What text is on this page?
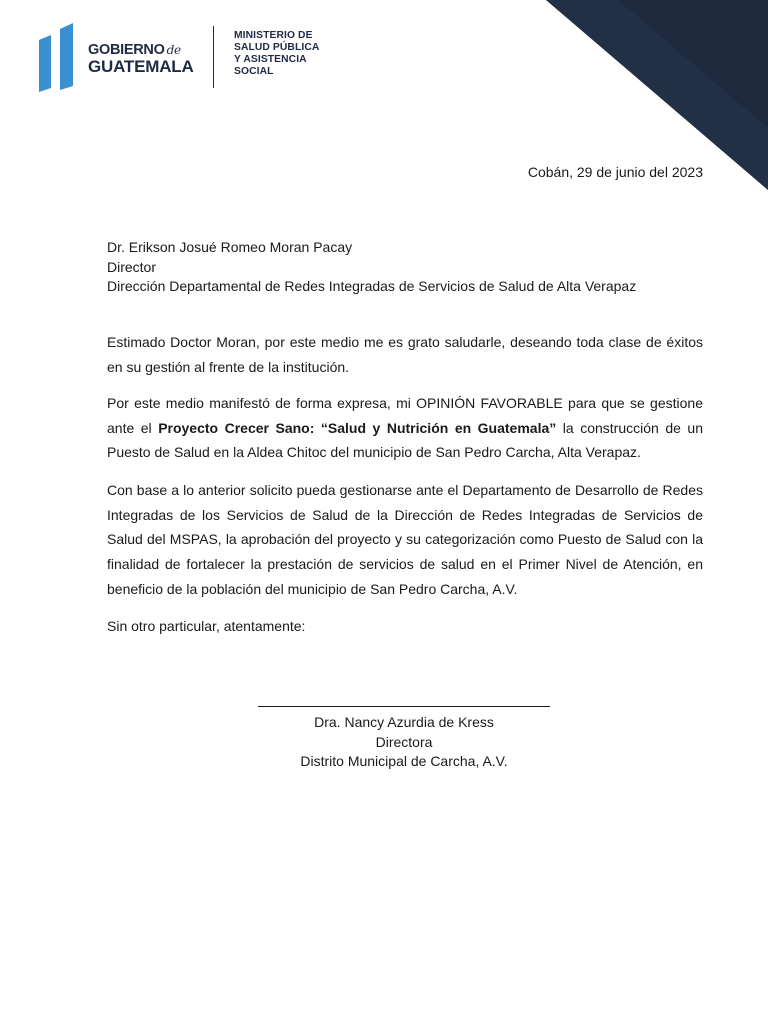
GOBIERNO de
GUATEMALA
MINISTERIO DE
SALUD PÚBLICA
Y ASISTENCIA
SOCIAL
Cobán, 29 de junio del 2023
Dr. Erikson Josué Romeo Moran Pacay
Director
Dirección Departamental de Redes Integradas de Servicios de Salud de Alta Verapaz

Estimado Doctor Moran, por este medio me es grato saludarle, deseando toda clase de éxitos en su gestión al frente de la institución.

Por este medio manifestó de forma expresa, mi OPINIÓN FAVORABLE para que se gestione ante el Proyecto Crecer Sano: “Salud y Nutrición en Guatemala” la construcción de un Puesto de Salud en la Aldea Chitoc del municipio de San Pedro Carcha, Alta Verapaz.

Con base a lo anterior solicito pueda gestionarse ante el Departamento de Desarrollo de Redes Integradas de los Servicios de Salud de la Dirección de Redes Integradas de Servicios de Salud del MSPAS, la aprobación del proyecto y su categorización como Puesto de Salud con la finalidad de fortalecer la prestación de servicios de salud en el Primer Nivel de Atención, en beneficio de la población del municipio de San Pedro Carcha, A.V.

Sin otro particular, atentamente:

Dra. Nancy Azurdia de Kress
Directora
Distrito Municipal de Carcha, A.V.
